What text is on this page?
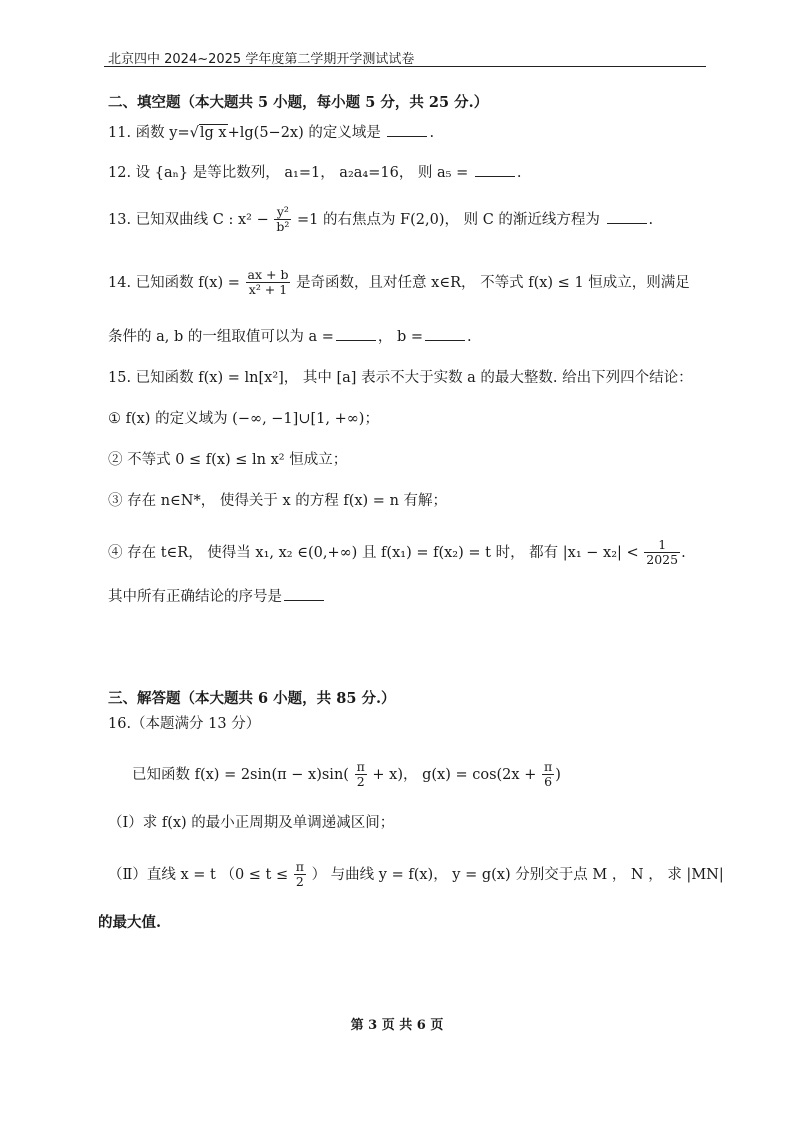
北京四中 2024~2025 学年度第二学期开学测试试卷
二、填空题（本大题共 5 小题，每小题 5 分，共 25 分.）
11. 函数 y=√lg x+lg(5−2x) 的定义域是	.
12. 设 {aₙ} 是等比数列， a₁=1， a₂a₄=16， 则 a₅ =	.
13. 已知双曲线 C : $x^2 - \frac{\text{y²}}{\text{b²}} =1$ 的右焦点为 F(2,0)， 则 C 的渐近线方程为	.
14. 已知函数 $f(x) = \frac{ax + b}{\text{x² + 1}}$ 是奇函数，且对任意 x∈R， 不等式 f(x) ≤ 1 恒成立，则满足
条件的 a, b 的一组取值可以为 a =	， b =	.
15. 已知函数 f(x) = ln[x²]， 其中 [a] 表示不大于实数 a 的最大整数. 给出下列四个结论：
① f(x) 的定义域为 (−∞, −1]∪[1, +∞)；
② 不等式 0 ≤ f(x) ≤ ln x² 恒成立；
③ 存在 n∈N*， 使得关于 x 的方程 f(x) = n 有解；
④ 存在 t∈R， 使得当 x₁, x₂ ∈(0,+∞) 且 f(x₁) = f(x₂) = t 时， 都有 $|x_1 - x_2| < \frac{1}{2025}$ .
其中所有正确结论的序号是
三、解答题（本大题共 6 小题，共 85 分.）
16.（本题满分 13 分）
已知函数 $f(x) = 2\sin(\pi - x)\sin( \frac{\pi}{2} + x)$， $g(x) = \cos(2x + \frac{\pi}{6}$ )
（Ⅰ）求 f(x) 的最小正周期及单调递减区间；
（Ⅱ）直线 x = t （$0 \le t \le \frac{\pi}{2}$ ） 与曲线 y = f(x)， y = g(x) 分别交于点 M ， N ， 求 |MN|
的最大值.
第 3 页 共 6 页
